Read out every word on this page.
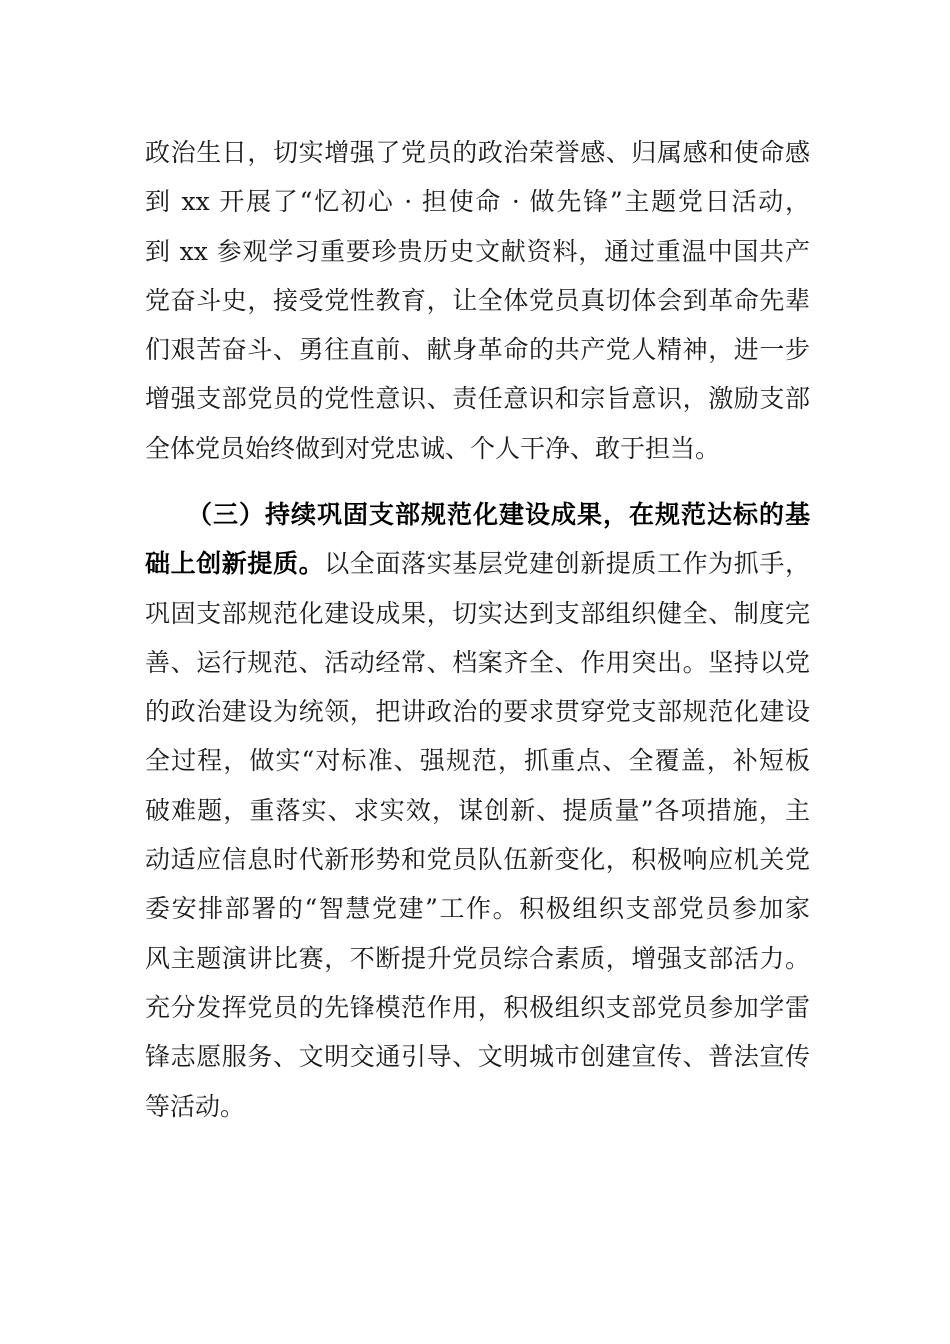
政治生日，切实增强了党员的政治荣誉感、归属感和使命感
到 xx 开展了“忆初心 · 担使命 · 做先锋”主题党日活动，
到 xx 参观学习重要珍贵历史文献资料，通过重温中国共产
党奋斗史，接受党性教育，让全体党员真切体会到革命先辈
们艰苦奋斗、勇往直前、献身革命的共产党人精神，进一步
增强支部党员的党性意识、责任意识和宗旨意识，激励支部
全体党员始终做到对党忠诚、个人干净、敢于担当。
（三）持续巩固支部规范化建设成果，在规范达标的基
础上创新提质。以全面落实基层党建创新提质工作为抓手，
巩固支部规范化建设成果，切实达到支部组织健全、制度完
善、运行规范、活动经常、档案齐全、作用突出。坚持以党
的政治建设为统领，把讲政治的要求贯穿党支部规范化建设
全过程，做实“对标准、强规范，抓重点、全覆盖，补短板
破难题，重落实、求实效，谋创新、提质量”各项措施，主
动适应信息时代新形势和党员队伍新变化，积极响应机关党
委安排部署的“智慧党建”工作。积极组织支部党员参加家
风主题演讲比赛，不断提升党员综合素质，增强支部活力。
充分发挥党员的先锋模范作用，积极组织支部党员参加学雷
锋志愿服务、文明交通引导、文明城市创建宣传、普法宣传
等活动。
